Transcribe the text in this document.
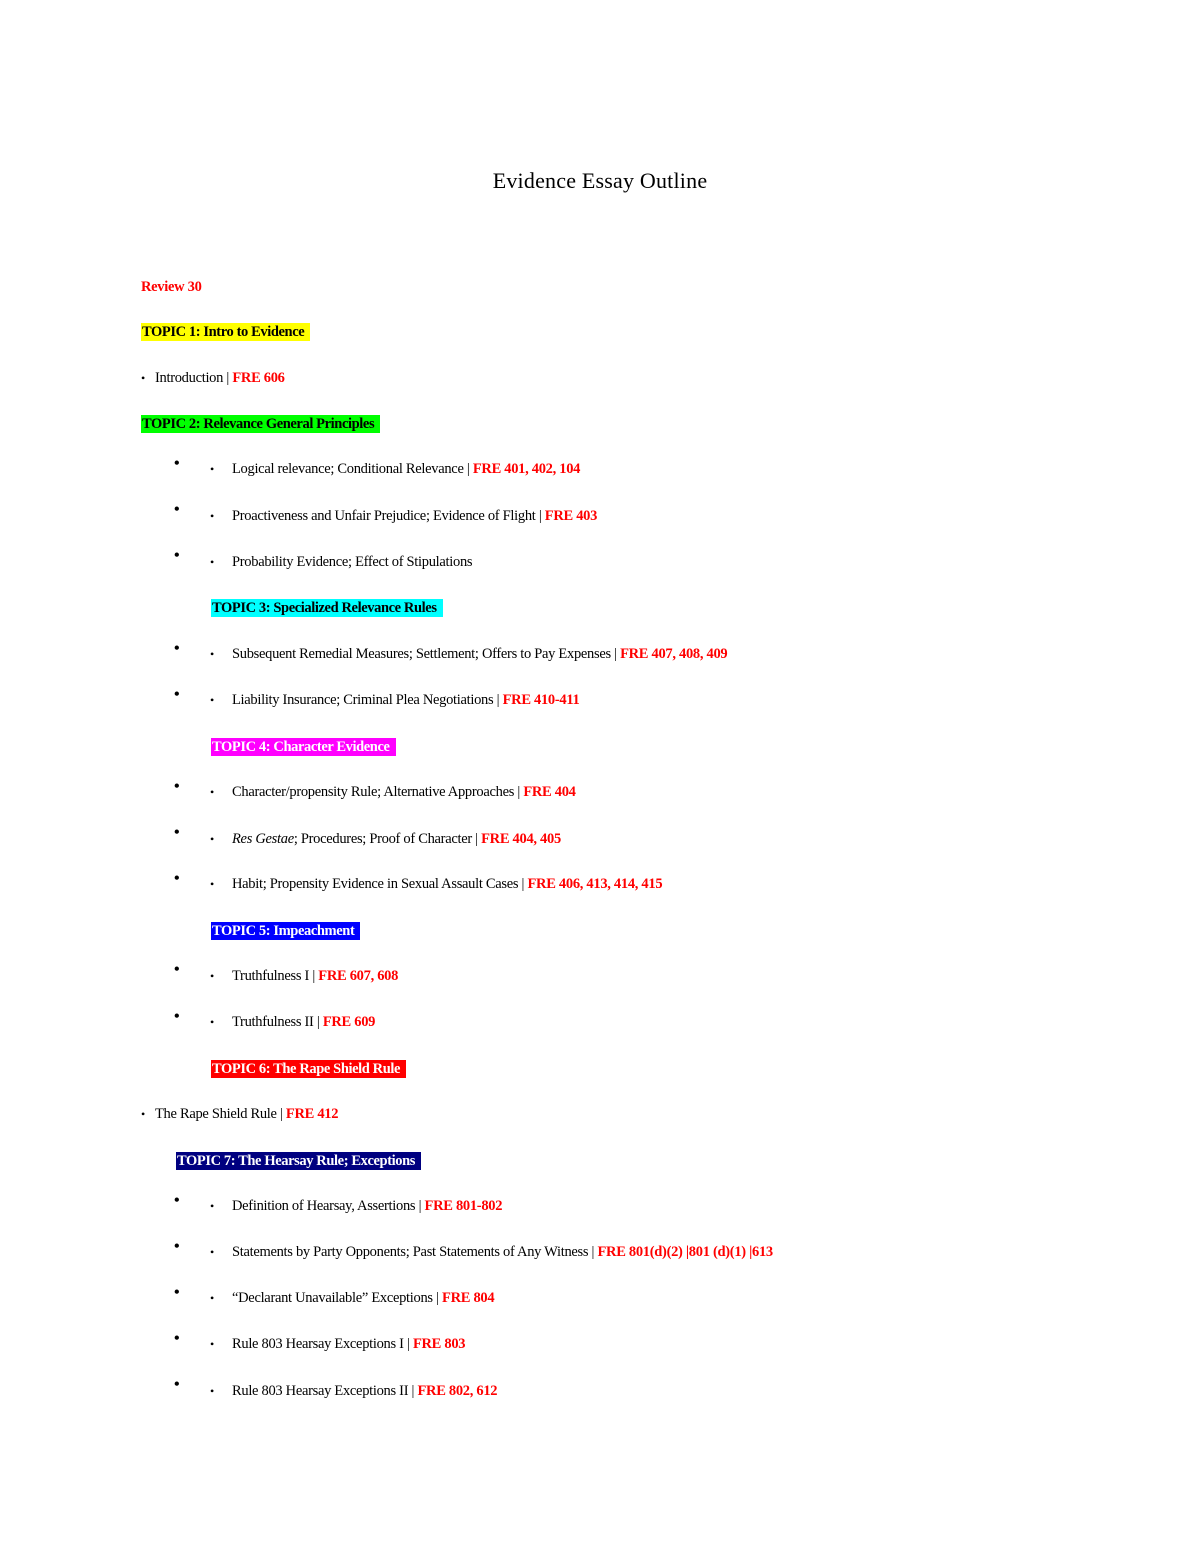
Evidence Essay Outline
Review 30
TOPIC 1: Intro to Evidence
• Introduction | FRE 606
TOPIC 2: Relevance General Principles
•	• Logical relevance; Conditional Relevance | FRE 401, 402, 104
•	• Proactiveness and Unfair Prejudice; Evidence of Flight | FRE 403
•	• Probability Evidence; Effect of Stipulations
TOPIC 3: Specialized Relevance Rules
•	• Subsequent Remedial Measures; Settlement; Offers to Pay Expenses | FRE 407, 408, 409
•	• Liability Insurance; Criminal Plea Negotiations | FRE 410-411
TOPIC 4: Character Evidence
•	• Character/propensity Rule; Alternative Approaches | FRE 404
•	• Res Gestae; Procedures; Proof of Character | FRE 404, 405
•	• Habit; Propensity Evidence in Sexual Assault Cases | FRE 406, 413, 414, 415
TOPIC 5: Impeachment
•	• Truthfulness I | FRE 607, 608
•	• Truthfulness II | FRE 609
TOPIC 6: The Rape Shield Rule
• The Rape Shield Rule | FRE 412
TOPIC 7: The Hearsay Rule; Exceptions
•	• Definition of Hearsay, Assertions | FRE 801-802
•	• Statements by Party Opponents; Past Statements of Any Witness | FRE 801(d)(2) |801 (d)(1) |613
•	• “Declarant Unavailable” Exceptions | FRE 804
•	• Rule 803 Hearsay Exceptions I | FRE 803
•	• Rule 803 Hearsay Exceptions II | FRE 802, 612
